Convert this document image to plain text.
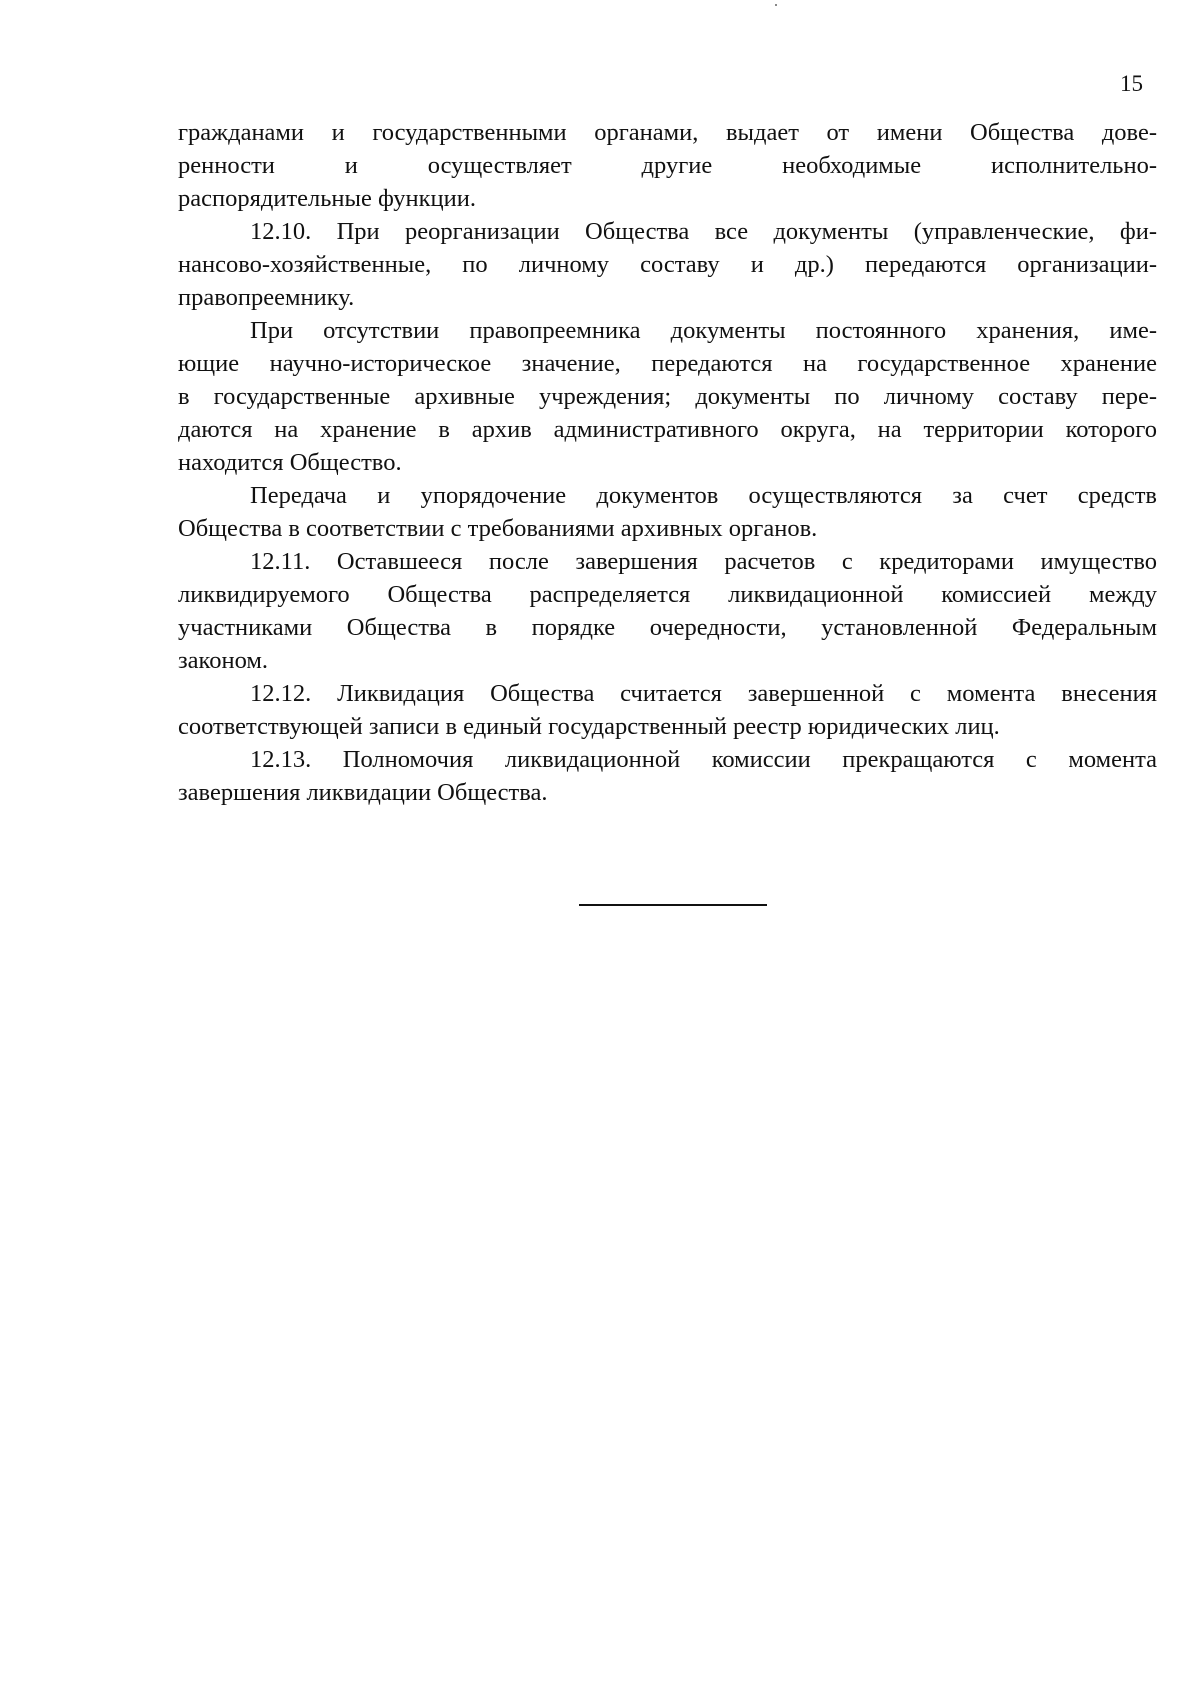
15
гражданами и государственными органами, выдает от имени Общества дове-
ренности и осуществляет другие необходимые исполнительно-
распорядительные функции.
12.10. При реорганизации Общества все документы (управленческие, фи-
нансово-хозяйственные, по личному составу и др.) передаются организации-
правопреемнику.
При отсутствии правопреемника документы постоянного хранения, име-
ющие научно-историческое значение, передаются на государственное хранение
в государственные архивные учреждения; документы по личному составу пере-
даются на хранение в архив административного округа, на территории которого
находится Общество.
Передача и упорядочение документов осуществляются за счет средств
Общества в соответствии с требованиями архивных органов.
12.11. Оставшееся после завершения расчетов с кредиторами имущество
ликвидируемого Общества распределяется ликвидационной комиссией между
участниками Общества в порядке очередности, установленной Федеральным
законом.
12.12. Ликвидация Общества считается завершенной с момента внесения
соответствующей записи в единый государственный реестр юридических лиц.
12.13. Полномочия ликвидационной комиссии прекращаются с момента
завершения ликвидации Общества.
